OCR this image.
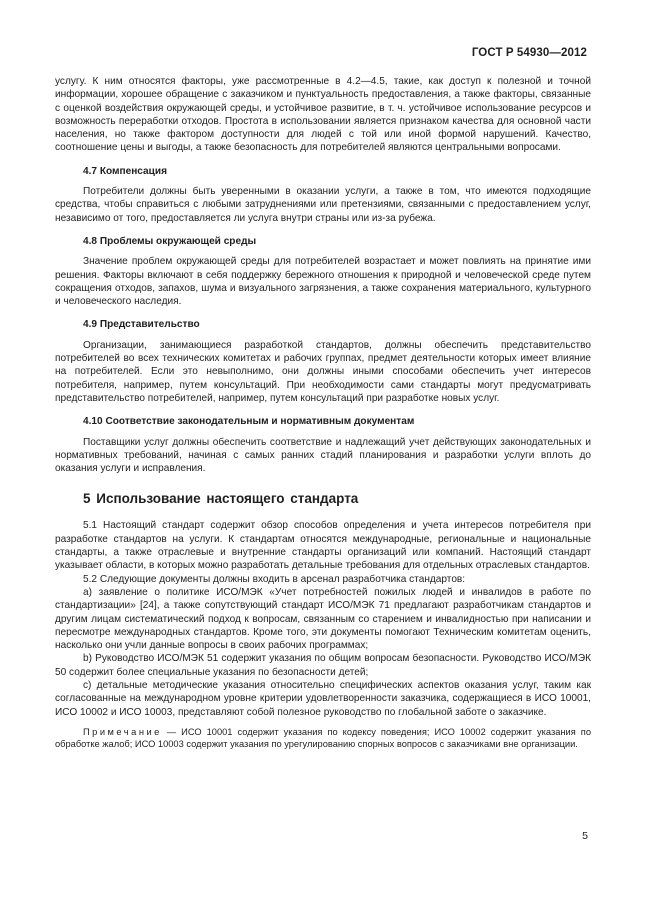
ГОСТ Р 54930—2012

услугу. К ним относятся факторы, уже рассмотренные в 4.2—4.5, такие, как доступ к полезной и точной информации, хорошее обращение с заказчиком и пунктуальность предоставления, а также факторы, связанные с оценкой воздействия окружающей среды, и устойчивое развитие, в т. ч. устойчивое использование ресурсов и возможность переработки отходов. Простота в использовании является признаком качества для основной части населения, но также фактором доступности для людей с той или иной формой нарушений. Качество, соотношение цены и выгоды, а также безопасность для потребителей являются центральными вопросами.

4.7 Компенсация

Потребители должны быть уверенными в оказании услуги, а также в том, что имеются подходящие средства, чтобы справиться с любыми затруднениями или претензиями, связанными с предоставлением услуг, независимо от того, предоставляется ли услуга внутри страны или из-за рубежа.

4.8 Проблемы окружающей среды

Значение проблем окружающей среды для потребителей возрастает и может повлиять на принятие ими решения. Факторы включают в себя поддержку бережного отношения к природной и человеческой среде путем сокращения отходов, запахов, шума и визуального загрязнения, а также сохранения материального, культурного и человеческого наследия.

4.9 Представительство

Организации, занимающиеся разработкой стандартов, должны обеспечить представительство потребителей во всех технических комитетах и рабочих группах, предмет деятельности которых имеет влияние на потребителей. Если это невыполнимо, они должны иными способами обеспечить учет интересов потребителя, например, путем консультаций. При необходимости сами стандарты могут предусматривать представительство потребителей, например, путем консультаций при разработке новых услуг.

4.10 Соответствие законодательным и нормативным документам

Поставщики услуг должны обеспечить соответствие и надлежащий учет действующих законодательных и нормативных требований, начиная с самых ранних стадий планирования и разработки услуги вплоть до оказания услуги и исправления.

5 Использование настоящего стандарта

5.1 Настоящий стандарт содержит обзор способов определения и учета интересов потребителя при разработке стандартов на услуги. К стандартам относятся международные, региональные и национальные стандарты, а также отраслевые и внутренние стандарты организаций или компаний. Настоящий стандарт указывает области, в которых можно разработать детальные требования для отдельных отраслевых стандартов.

5.2 Следующие документы должны входить в арсенал разработчика стандартов:

а) заявление о политике ИСО/МЭК «Учет потребностей пожилых людей и инвалидов в работе по стандартизации» [24], а также сопутствующий стандарт ИСО/МЭК 71 предлагают разработчикам стандартов и другим лицам систематический подход к вопросам, связанным со старением и инвалидностью при написании и пересмотре международных стандартов. Кроме того, эти документы помогают Техническим комитетам оценить, насколько они учли данные вопросы в своих рабочих программах;

b) Руководство ИСО/МЭК 51 содержит указания по общим вопросам безопасности. Руководство ИСО/МЭК 50 содержит более специальные указания по безопасности детей;

с) детальные методические указания относительно специфических аспектов оказания услуг, таким как согласованные на международном уровне критерии удовлетворенности заказчика, содержащиеся в ИСО 10001, ИСО 10002 и ИСО 10003, представляют собой полезное руководство по глобальной заботе о заказчике.

Примечание — ИСО 10001 содержит указания по кодексу поведения; ИСО 10002 содержит указания по обработке жалоб; ИСО 10003 содержит указания по урегулированию спорных вопросов с заказчиками вне организации.

5
